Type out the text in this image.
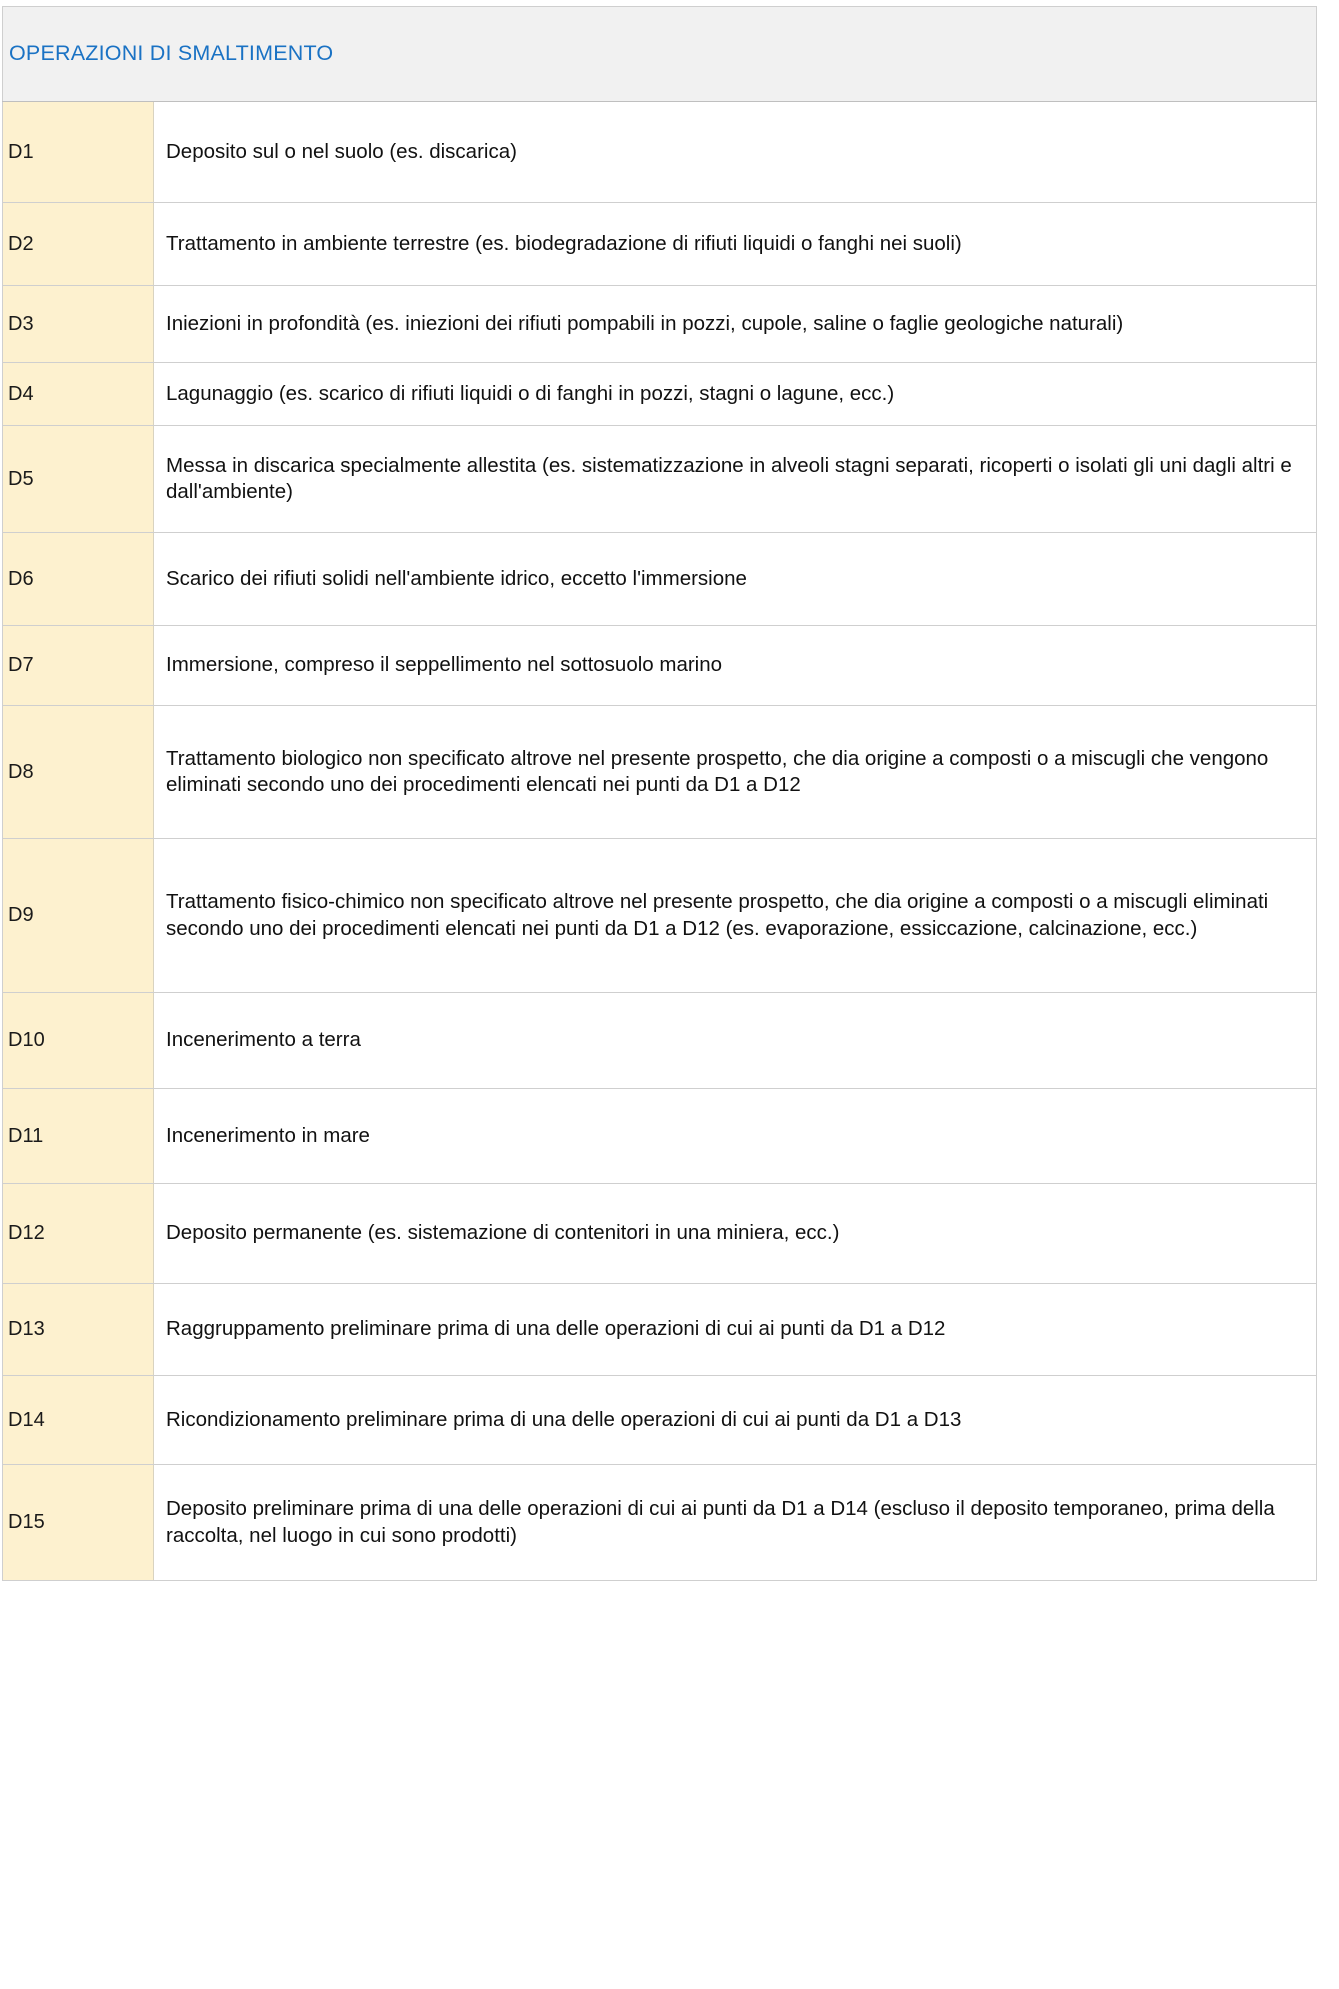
OPERAZIONI DI SMALTIMENTO	

D1	Deposito sul o nel suolo (es. discarica)

D2	Trattamento in ambiente terrestre (es. biodegradazione di rifiuti liquidi o fanghi nei suoli)

D3	Iniezioni in profondità (es. iniezioni dei rifiuti pompabili in pozzi, cupole, saline o faglie geologiche naturali)

D4	Lagunaggio (es. scarico di rifiuti liquidi o di fanghi in pozzi, stagni o lagune, ecc.)

D5	Messa in discarica specialmente allestita (es. sistematizzazione in alveoli stagni separati, ricoperti o isolati gli uni dagli altri e dall'ambiente)

D6	Scarico dei rifiuti solidi nell'ambiente idrico, eccetto l'immersione

D7	Immersione, compreso il seppellimento nel sottosuolo marino

D8	Trattamento biologico non specificato altrove nel presente prospetto, che dia origine a composti o a miscugli che vengono eliminati secondo uno dei procedimenti elencati nei punti da D1 a D12

D9	Trattamento fisico-chimico non specificato altrove nel presente prospetto, che dia origine a composti o a miscugli eliminati secondo uno dei procedimenti elencati nei punti da D1 a D12 (es. evaporazione, essiccazione, calcinazione, ecc.)

D10	Incenerimento a terra

D11	Incenerimento in mare

D12	Deposito permanente (es. sistemazione di contenitori in una miniera, ecc.)

D13	Raggruppamento preliminare prima di una delle operazioni di cui ai punti da D1 a D12

D14	Ricondizionamento preliminare prima di una delle operazioni di cui ai punti da D1 a D13

D15	Deposito preliminare prima di una delle operazioni di cui ai punti da D1 a D14 (escluso il deposito temporaneo, prima della raccolta, nel luogo in cui sono prodotti)
